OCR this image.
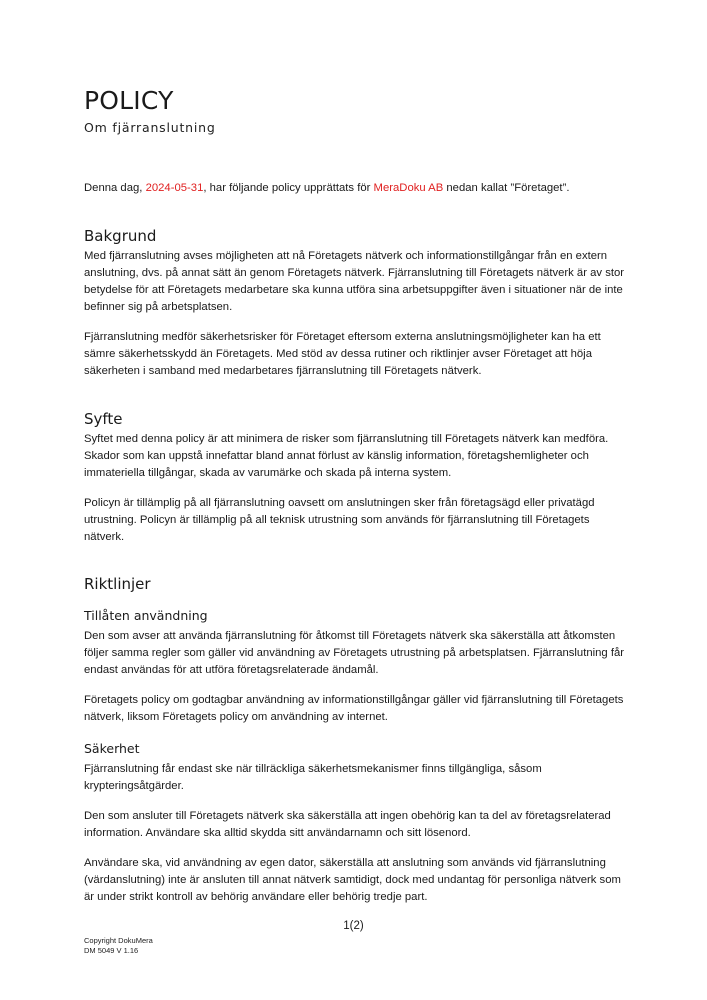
POLICY
Om fjärranslutning

Denna dag, 2024-05-31, har följande policy upprättats för MeraDoku AB nedan kallat ”Företaget”.

Bakgrund

Med fjärranslutning avses möjligheten att nå Företagets nätverk och informationstillgångar från en extern anslutning, dvs. på annat sätt än genom Företagets nätverk. Fjärranslutning till Företagets nätverk är av stor betydelse för att Företagets medarbetare ska kunna utföra sina arbetsuppgifter även i situationer när de inte befinner sig på arbetsplatsen.

Fjärranslutning medför säkerhetsrisker för Företaget eftersom externa anslutningsmöjligheter kan ha ett sämre säkerhetsskydd än Företagets. Med stöd av dessa rutiner och riktlinjer avser Företaget att höja säkerheten i samband med medarbetares fjärranslutning till Företagets nätverk.

Syfte

Syftet med denna policy är att minimera de risker som fjärranslutning till Företagets nätverk kan medföra. Skador som kan uppstå innefattar bland annat förlust av känslig information, företagshemligheter och immateriella tillgångar, skada av varumärke och skada på interna system.

Policyn är tillämplig på all fjärranslutning oavsett om anslutningen sker från företagsägd eller privatägd utrustning. Policyn är tillämplig på all teknisk utrustning som används för fjärranslutning till Företagets nätverk.

Riktlinjer
Tillåten användning

Den som avser att använda fjärranslutning för åtkomst till Företagets nätverk ska säkerställa att åtkomsten följer samma regler som gäller vid användning av Företagets utrustning på arbetsplatsen. Fjärranslutning får endast användas för att utföra företagsrelaterade ändamål.

Företagets policy om godtagbar användning av informationstillgångar gäller vid fjärranslutning till Företagets nätverk, liksom Företagets policy om användning av internet.

Säkerhet

Fjärranslutning får endast ske när tillräckliga säkerhetsmekanismer finns tillgängliga, såsom krypteringsåtgärder.

Den som ansluter till Företagets nätverk ska säkerställa att ingen obehörig kan ta del av företagsrelaterad information. Användare ska alltid skydda sitt användarnamn och sitt lösenord.

Användare ska, vid användning av egen dator, säkerställa att anslutning som används vid fjärranslutning (värdanslutning) inte är ansluten till annat nätverk samtidigt, dock med undantag för personliga nätverk som är under strikt kontroll av behörig användare eller behörig tredje part.

1(2)
Copyright DokuMera
DM 5049 V 1.16
